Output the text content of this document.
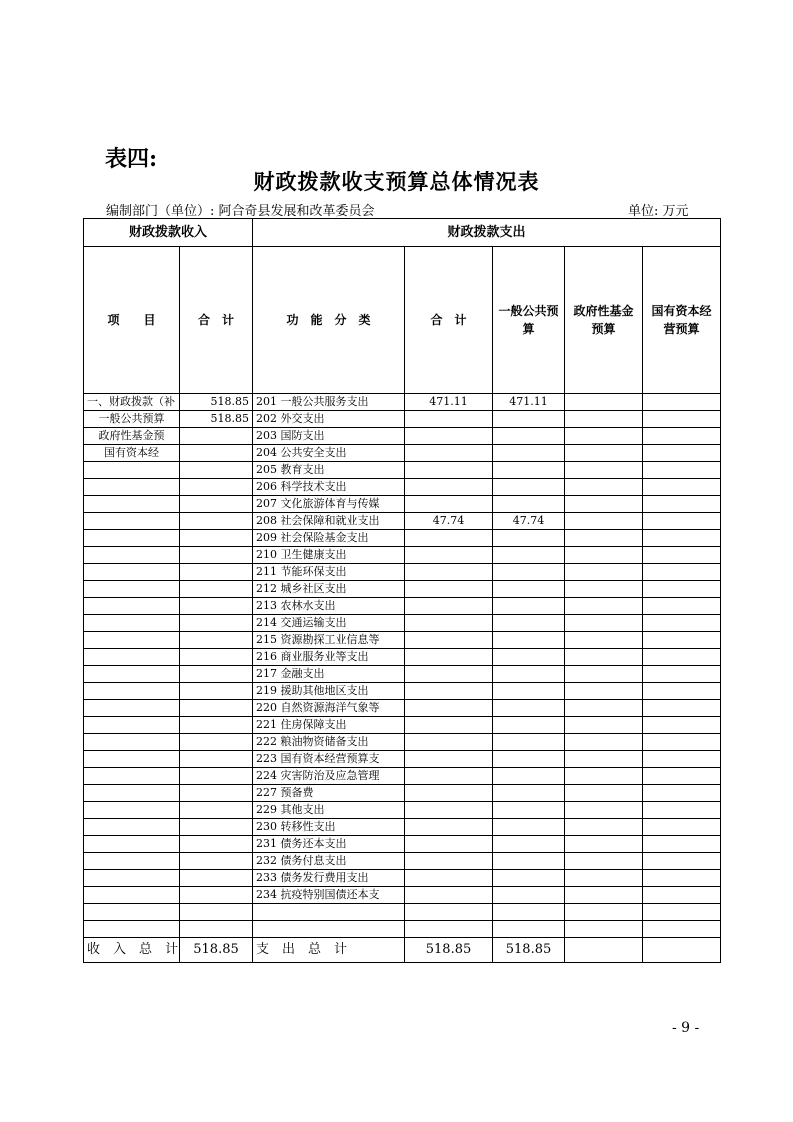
表四:
财政拨款收支预算总体情况表
编制部门（单位）: 阿合奇县发展和改革委员会	单位: 万元
财政拨款收入		财政拨款支出				
项　　目	合　计	功　能　分　类	合　计	一般公共预算	政府性基金预算	国有资本经营预算
一、财政拨款（补	518.85	201 一般公共服务支出	471.11	471.11		
一般公共预算	518.85	202 外交支出				
政府性基金预		203 国防支出				
国有资本经		204 公共安全支出				
		205 教育支出				
		206 科学技术支出				
		207 文化旅游体育与传媒				
		208 社会保障和就业支出	47.74	47.74		
		209 社会保险基金支出				
		210 卫生健康支出				
		211 节能环保支出				
		212 城乡社区支出				
		213 农林水支出				
		214 交通运输支出				
		215 资源勘探工业信息等				
		216 商业服务业等支出				
		217 金融支出				
		219 援助其他地区支出				
		220 自然资源海洋气象等				
		221 住房保障支出				
		222 粮油物资储备支出				
		223 国有资本经营预算支				
		224 灾害防治及应急管理				
		227 预备费				
		229 其他支出				
		230 转移性支出				
		231 债务还本支出				
		232 债务付息支出				
		233 债务发行费用支出				
		234 抗疫特别国债还本支				

收　入　总　计	518.85	支　出　总　计	518.85	518.85		
- 9 -
